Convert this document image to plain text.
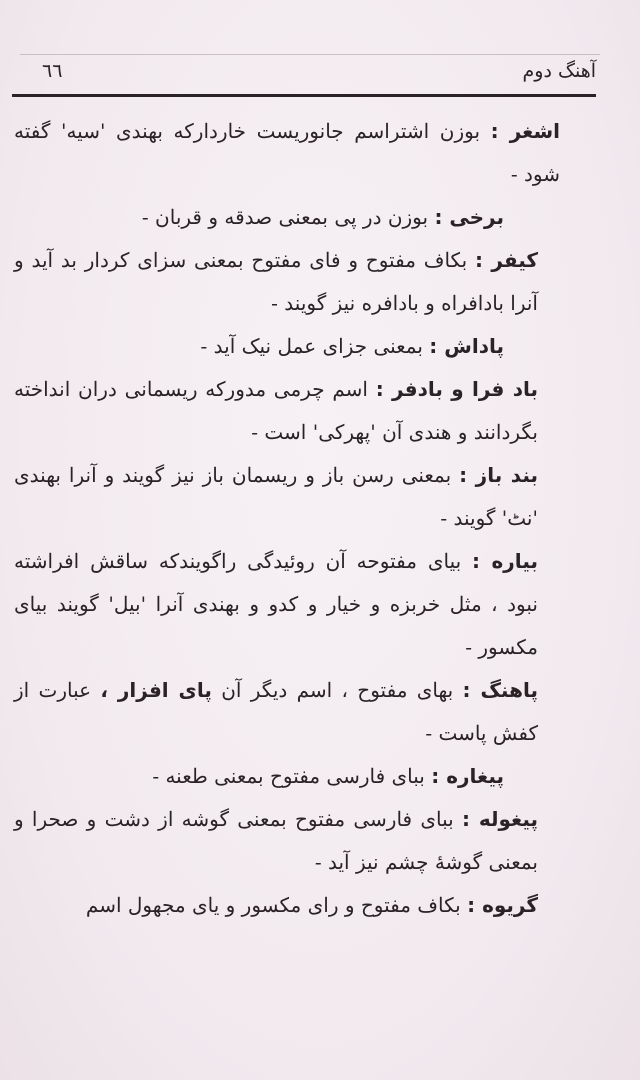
آهنگ دوم
٦٦

اشغر : بوزن اشتراسم جانوریست خاردارکه بهندی 'سیه' گفته شود -

برخی : بوزن در پی بمعنی صدقه و قربان -

کیفر : بکاف مفتوح و فای مفتوح بمعنی سزای کردار بد آید و آنرا بادافراه و بادافره نیز گویند -

پاداش : بمعنی جزای عمل نیک آید -

باد فرا و بادفر : اسم چرمی مدورکه ریسمانی دران انداخته بگردانند و هندی آن 'پهرکی' است -

بند باز : بمعنی رسن باز و ریسمان باز نیز گویند و آنرا بهندی 'نٹ' گویند -

بیاره : بیای مفتوحه آن روئیدگی راگویندکه ساقش افراشته نبود ، مثل خربزه و خیار و کدو و بهندی آنرا 'بیل' گویند بیای مکسور -

پاهنگ : بهای مفتوح ، اسم دیگر آن پای افزار ، عبارت از کفش پاست -

پیغاره : ببای فارسی مفتوح بمعنی طعنه -

پیغوله : ببای فارسی مفتوح بمعنی گوشه از دشت و صحرا و بمعنی گوشهٔ چشم نیز آید -

گریوه : بکاف مفتوح و رای مکسور و یای مجهول اسم
